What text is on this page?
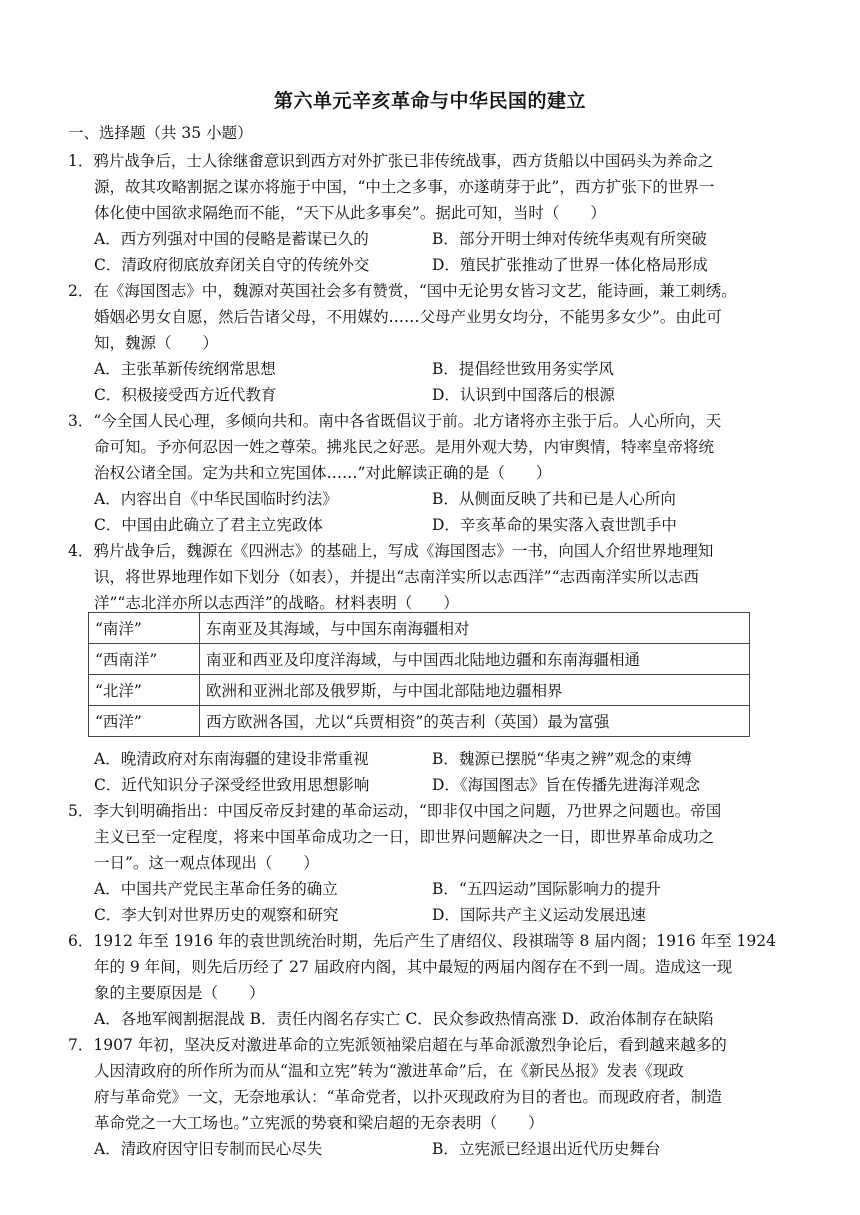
第六单元辛亥革命与中华民国的建立
一、选择题（共 35 小题）
1．鸦片战争后，士人徐继畬意识到西方对外扩张已非传统战事，西方货船以中国码头为养命之
源，故其攻略割据之谋亦将施于中国，“中土之多事，亦遂萌芽于此”，西方扩张下的世界一
体化使中国欲求隔绝而不能，“天下从此多事矣”。据此可知，当时（　　）
A．西方列强对中国的侵略是蓄谋已久的	B．部分开明士绅对传统华夷观有所突破
C．清政府彻底放弃闭关自守的传统外交	D．殖民扩张推动了世界一体化格局形成
2．在《海国图志》中，魏源对英国社会多有赞赏，“国中无论男女皆习文艺，能诗画，兼工刺绣。
婚姻必男女自愿，然后告诸父母，不用媒妁……父母产业男女均分，不能男多女少”。由此可
知，魏源（　　）
A．主张革新传统纲常思想	B．提倡经世致用务实学风
C．积极接受西方近代教育	D．认识到中国落后的根源
3．“今全国人民心理，多倾向共和。南中各省既倡议于前。北方诸将亦主张于后。人心所向，天
命可知。予亦何忍因一姓之尊荣。拂兆民之好恶。是用外观大势，内审舆情，特率皇帝将统
治权公诸全国。定为共和立宪国体……”对此解读正确的是（　　）
A．内容出自《中华民国临时约法》	B．从侧面反映了共和已是人心所向
C．中国由此确立了君主立宪政体	D．辛亥革命的果实落入袁世凯手中
4．鸦片战争后，魏源在《四洲志》的基础上，写成《海国图志》一书，向国人介绍世界地理知
识，将世界地理作如下划分（如表），并提出“志南洋实所以志西洋”“志西南洋实所以志西
洋”“志北洋亦所以志西洋”的战略。材料表明（　　）
“南洋”	东南亚及其海域，与中国东南海疆相对
“西南洋”	南亚和西亚及印度洋海域，与中国西北陆地边疆和东南海疆相通
“北洋”	欧洲和亚洲北部及俄罗斯，与中国北部陆地边疆相界
“西洋”	西方欧洲各国，尤以“兵贾相资”的英吉利（英国）最为富强
A．晚清政府对东南海疆的建设非常重视	B．魏源已摆脱“华夷之辨”观念的束缚
C．近代知识分子深受经世致用思想影响	D．《海国图志》旨在传播先进海洋观念
5．李大钊明确指出：中国反帝反封建的革命运动，“即非仅中国之问题，乃世界之问题也。帝国
主义已至一定程度，将来中国革命成功之一日，即世界问题解决之一日，即世界革命成功之
一日”。这一观点体现出（　　）
A．中国共产党民主革命任务的确立	B．“五四运动”国际影响力的提升
C．李大钊对世界历史的观察和研究	D．国际共产主义运动发展迅速
6．1912 年至 1916 年的袁世凯统治时期，先后产生了唐绍仪、段祺瑞等 8 届内阁；1916 年至 1924
年的 9 年间，则先后历经了 27 届政府内阁，其中最短的两届内阁存在不到一周。造成这一现
象的主要原因是（　　）
A．各地军阀割据混战 B．责任内阁名存实亡 C．民众参政热情高涨 D．政治体制存在缺陷
7．1907 年初，坚决反对激进革命的立宪派领袖梁启超在与革命派激烈争论后，看到越来越多的
人因清政府的所作所为而从“温和立宪”转为“激进革命”后，在《新民丛报》发表《现政
府与革命党》一文，无奈地承认：“革命党者，以扑灭现政府为目的者也。而现政府者，制造
革命党之一大工场也。”立宪派的势衰和梁启超的无奈表明（　　）
A．清政府因守旧专制而民心尽失	B．立宪派已经退出近代历史舞台
